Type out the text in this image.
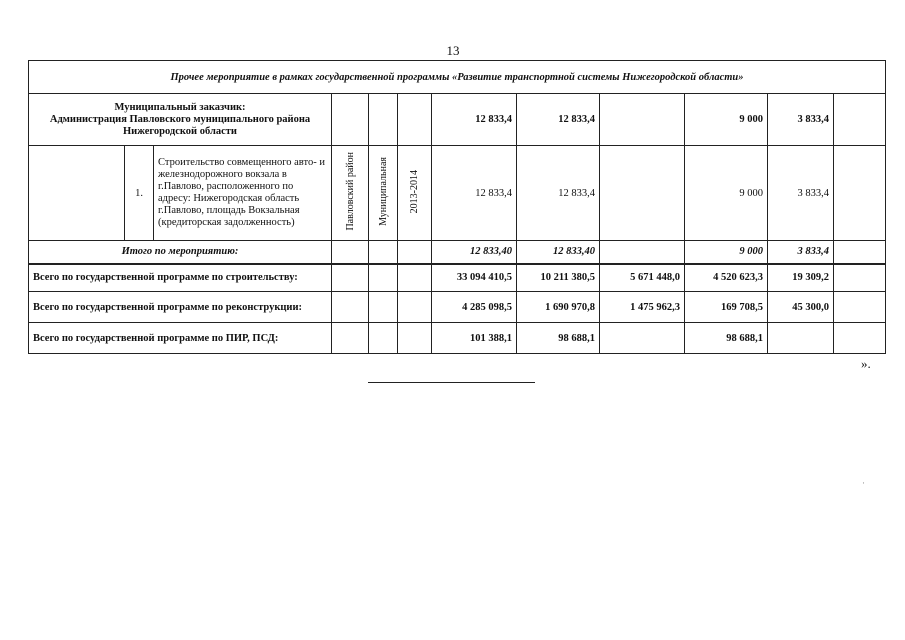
13
Прочее мероприятие в рамках государственной программы «Развитие транспортной системы Нижегородской области»											
Муниципальный заказчик:
Администрация Павловского муниципального района
Нижегородской области						12 833,4	12 833,4		9 000	3 833,4	
	1.	Строительство совмещенного авто- и железнодорожного вокзала в г.Павлово, расположенного по адресу: Нижегородская область г.Павлово, площадь Вокзальная (кредиторская задолженность)	Павловский район	Муниципальная	2013-2014	12 833,4	12 833,4		9 000	3 833,4	
Итого по мероприятию:						12 833,40	12 833,40		9 000	3 833,4	
Всего по государственной программе по строительству:						33 094 410,5	10 211 380,5	5 671 448,0	4 520 623,3	19 309,2	
Всего по государственной программе по реконструкции:						4 285 098,5	1 690 970,8	1 475 962,3	169 708,5	45 300,0	
Всего по государственной программе по ПИР, ПСД:						101 388,1	98 688,1		98 688,1		
».
·
